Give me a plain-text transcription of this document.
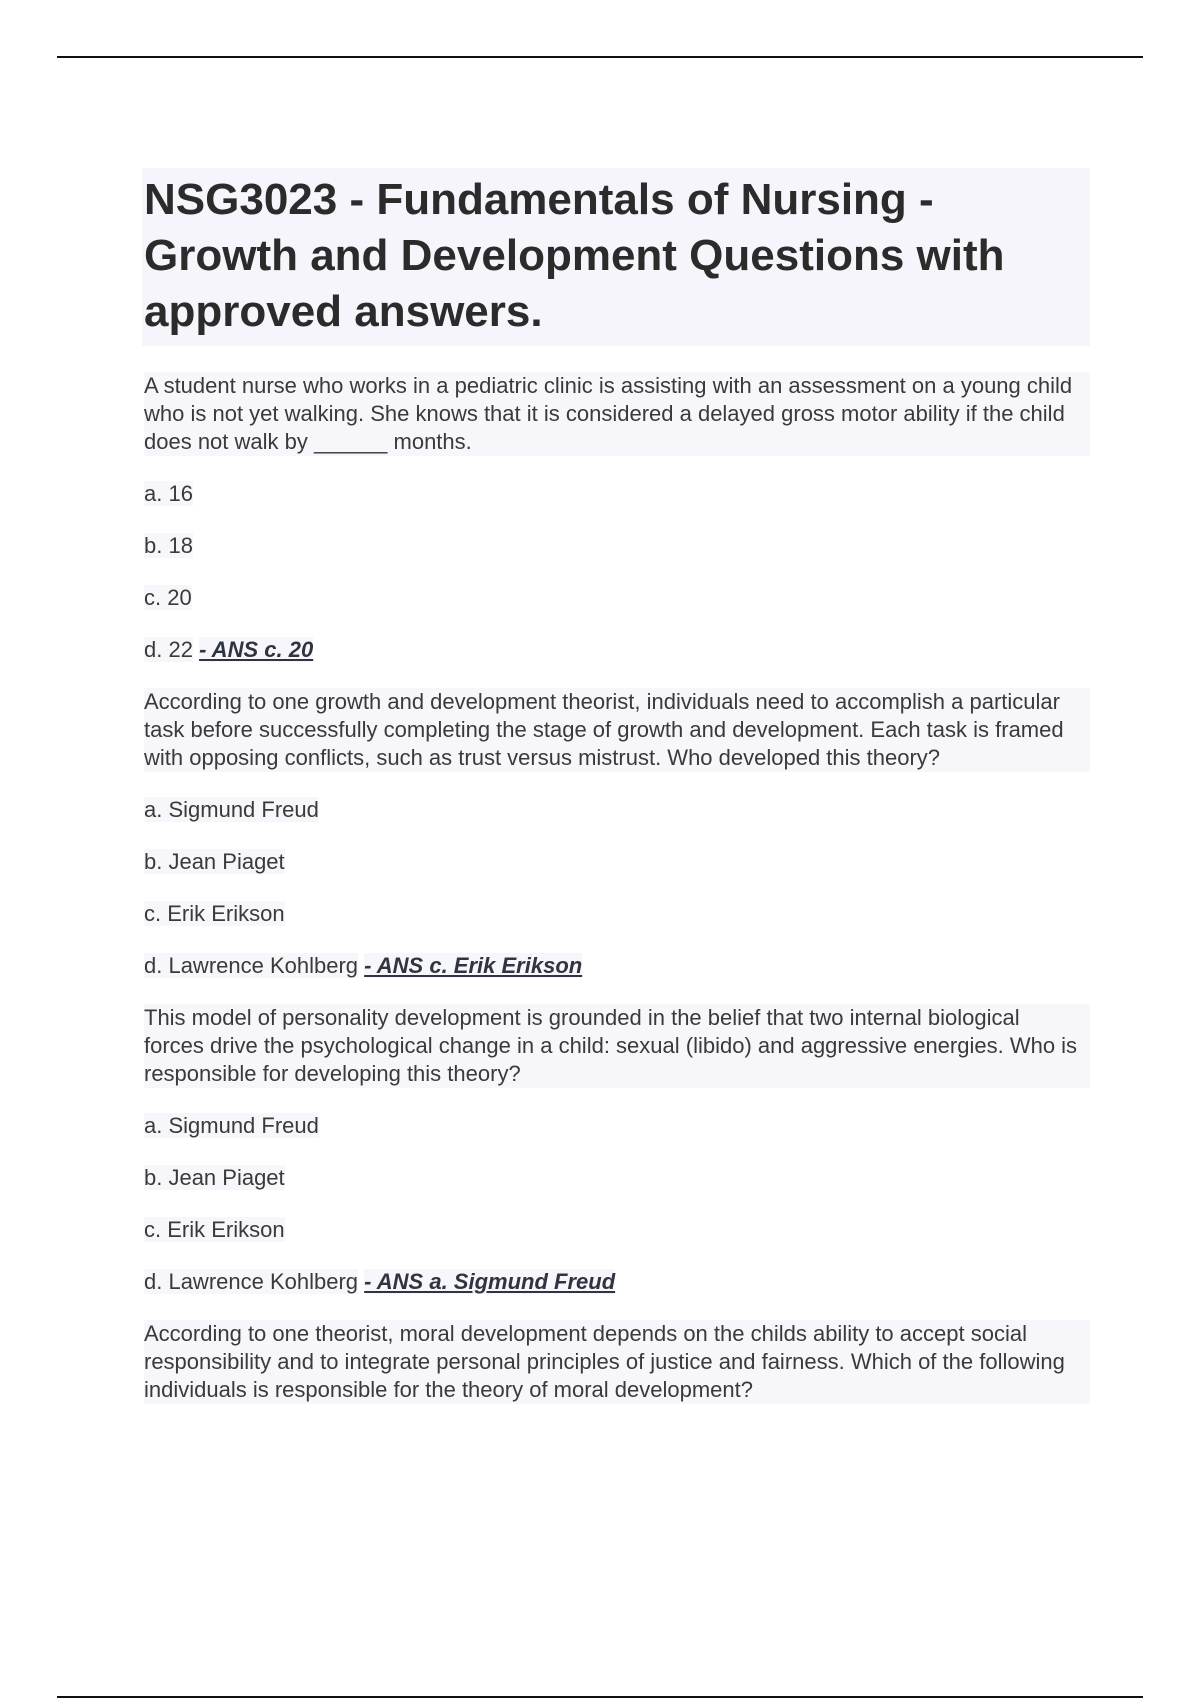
NSG3023 - Fundamentals of Nursing - Growth and Development Questions with approved answers.

A student nurse who works in a pediatric clinic is assisting with an assessment on a young child who is not yet walking. She knows that it is considered a delayed gross motor ability if the child does not walk by ______ months.

a. 16

b. 18

c. 20

d. 22 - ANS c. 20

According to one growth and development theorist, individuals need to accomplish a particular task before successfully completing the stage of growth and development. Each task is framed with opposing conflicts, such as trust versus mistrust. Who developed this theory?

a. Sigmund Freud

b. Jean Piaget

c. Erik Erikson

d. Lawrence Kohlberg - ANS c. Erik Erikson

This model of personality development is grounded in the belief that two internal biological forces drive the psychological change in a child: sexual (libido) and aggressive energies. Who is responsible for developing this theory?

a. Sigmund Freud

b. Jean Piaget

c. Erik Erikson

d. Lawrence Kohlberg - ANS a. Sigmund Freud

According to one theorist, moral development depends on the childs ability to accept social responsibility and to integrate personal principles of justice and fairness. Which of the following individuals is responsible for the theory of moral development?
